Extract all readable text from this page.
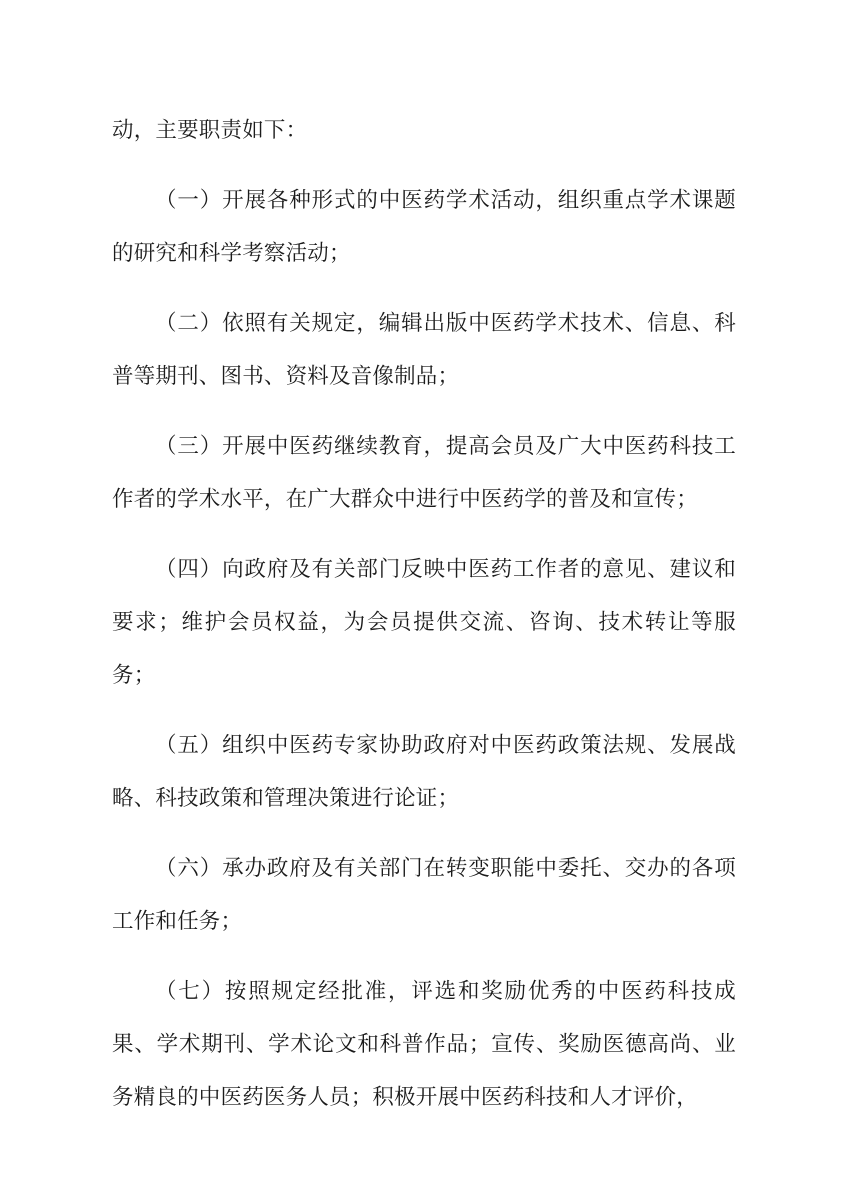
动，主要职责如下：

（一）开展各种形式的中医药学术活动，组织重点学术课题的研究和科学考察活动；

（二）依照有关规定，编辑出版中医药学术技术、信息、科普等期刊、图书、资料及音像制品；

（三）开展中医药继续教育，提高会员及广大中医药科技工作者的学术水平，在广大群众中进行中医药学的普及和宣传；

（四）向政府及有关部门反映中医药工作者的意见、建议和要求；维护会员权益，为会员提供交流、咨询、技术转让等服务；

（五）组织中医药专家协助政府对中医药政策法规、发展战略、科技政策和管理决策进行论证；

（六）承办政府及有关部门在转变职能中委托、交办的各项工作和任务；

（七）按照规定经批准，评选和奖励优秀的中医药科技成果、学术期刊、学术论文和科普作品；宣传、奖励医德高尚、业务精良的中医药医务人员；积极开展中医药科技和人才评价，
